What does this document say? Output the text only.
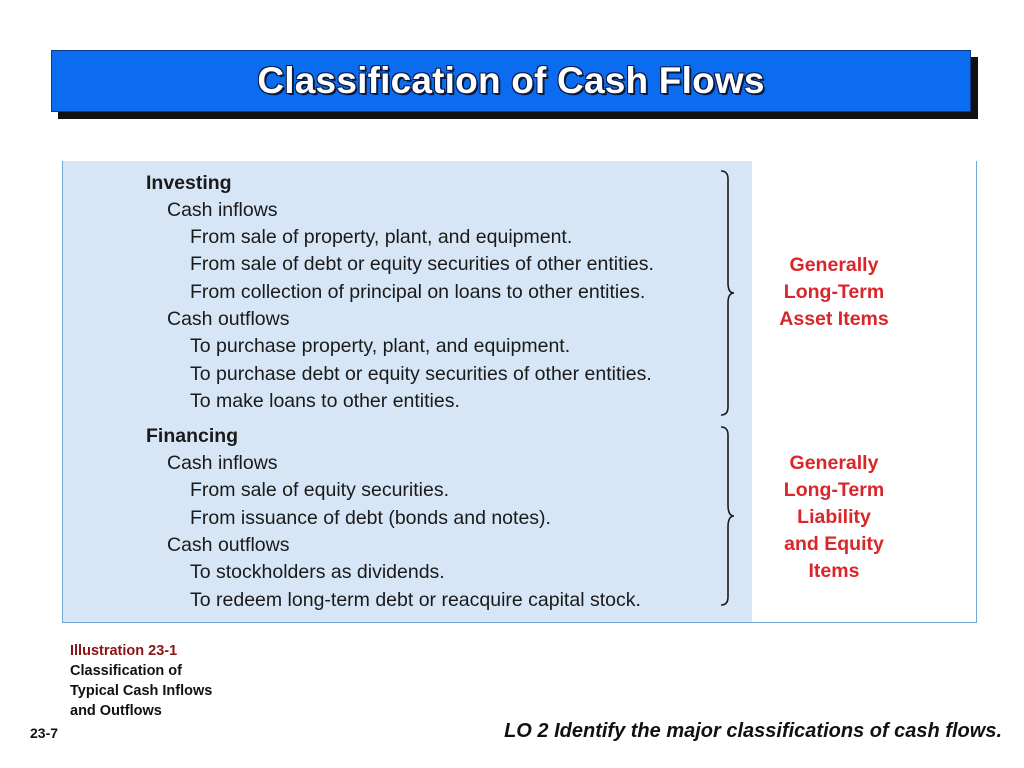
Classification of Cash Flows
Investing
Cash inflows
From sale of property, plant, and equipment.
From sale of debt or equity securities of other entities.
From collection of principal on loans to other entities.
Cash outflows
To purchase property, plant, and equipment.
To purchase debt or equity securities of other entities.
To make loans to other entities.
Financing
Cash inflows
From sale of equity securities.
From issuance of debt (bonds and notes).
Cash outflows
To stockholders as dividends.
To redeem long-term debt or reacquire capital stock.
Generally
Long-Term
Asset Items
Generally
Long-Term
Liability
and Equity
Items
Illustration 23-1
Classification of
Typical Cash Inflows
and Outflows
23-7	LO 2 Identify the major classifications of cash flows.
